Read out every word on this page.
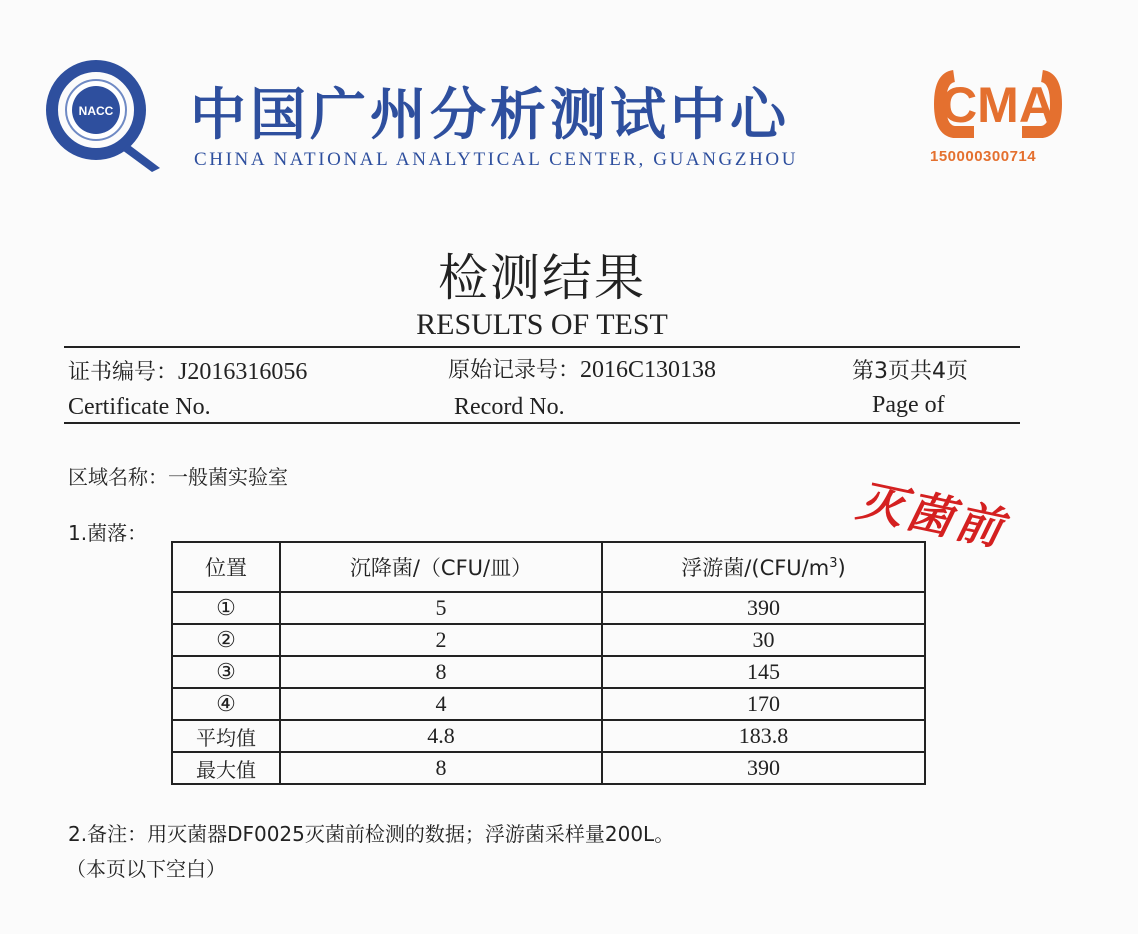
NACC 中国广州分析测试中心
CHINA NATIONAL ANALYTICAL CENTER, GUANGZHOU
CMA
150000300714
检测结果
RESULTS OF TEST
证书编号：J2016316056
Certificate No.
原始记录号：2016C130138
Record No.
第3页共4页
Page of
区域名称：一般菌实验室	灭菌前
1.菌落：
位置	沉降菌/（CFU/皿）	浮游菌$/(CFU/m^3)$
①	5	390
②	2	30
③	8	145
④	4	170
平均值	4.8	183.8
最大值	8	390
2.备注：用灭菌器DF0025灭菌前检测的数据；浮游菌采样量200L。
（本页以下空白）
